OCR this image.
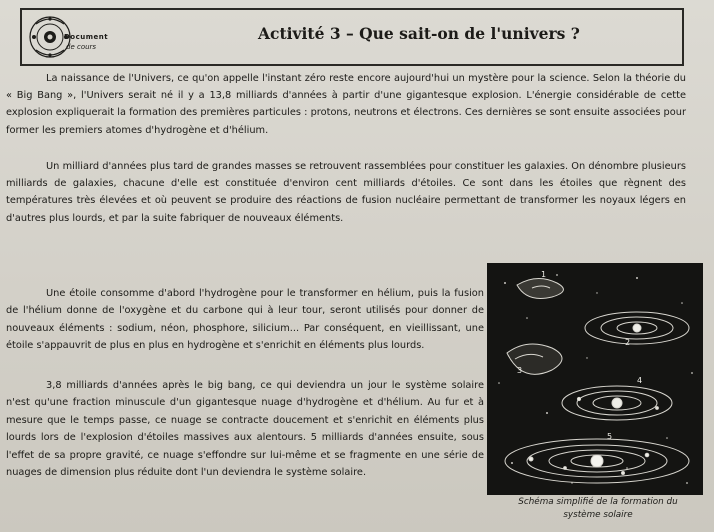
Document
de cours
Activité 3 – Que sait-on de l'univers ?

La naissance de l'Univers, ce qu'on appelle l'instant zéro reste encore aujourd'hui un mystère pour la science. Selon la théorie du « Big Bang », l'Univers serait né il y a 13,8 milliards d'années à partir d'une gigantesque explosion. L'énergie considérable de cette explosion expliquerait la formation des premières particules : protons, neutrons et électrons. Ces dernières se sont ensuite associées pour former les premiers atomes d'hydrogène et d'hélium.

Un milliard d'années plus tard de grandes masses se retrouvent rassemblées pour constituer les galaxies. On dénombre plusieurs milliards de galaxies, chacune d'elle est constituée d'environ cent milliards d'étoiles. Ce sont dans les étoiles que règnent des températures très élevées et où peuvent se produire des réactions de fusion nucléaire permettant de transformer les noyaux légers en d'autres plus lourds, et par la suite fabriquer de nouveaux éléments.

Une étoile consomme d'abord l'hydrogène pour le transformer en hélium, puis la fusion de l'hélium donne de l'oxygène et du carbone qui à leur tour, seront utilisés pour donner de nouveaux éléments : sodium, néon, phosphore, silicium... Par conséquent, en vieillissant, une étoile s'appauvrit de plus en plus en hydrogène et s'enrichit en éléments plus lourds.

3,8 milliards d'années après le big bang, ce qui deviendra un jour le système solaire n'est qu'une fraction minuscule d'un gigantesque nuage d'hydrogène et d'hélium. Au fur et à mesure que le temps passe, ce nuage se contracte doucement et s'enrichit en éléments plus lourds lors de l'explosion d'étoiles massives aux alentours. 5 milliards d'années ensuite, sous l'effet de sa propre gravité, ce nuage s'effondre sur lui-même et se fragmente en une série de nuages de dimension plus réduite dont l'un deviendra le système solaire.

1
2
3
4
5
Schéma simplifié de la formation du
système solaire
